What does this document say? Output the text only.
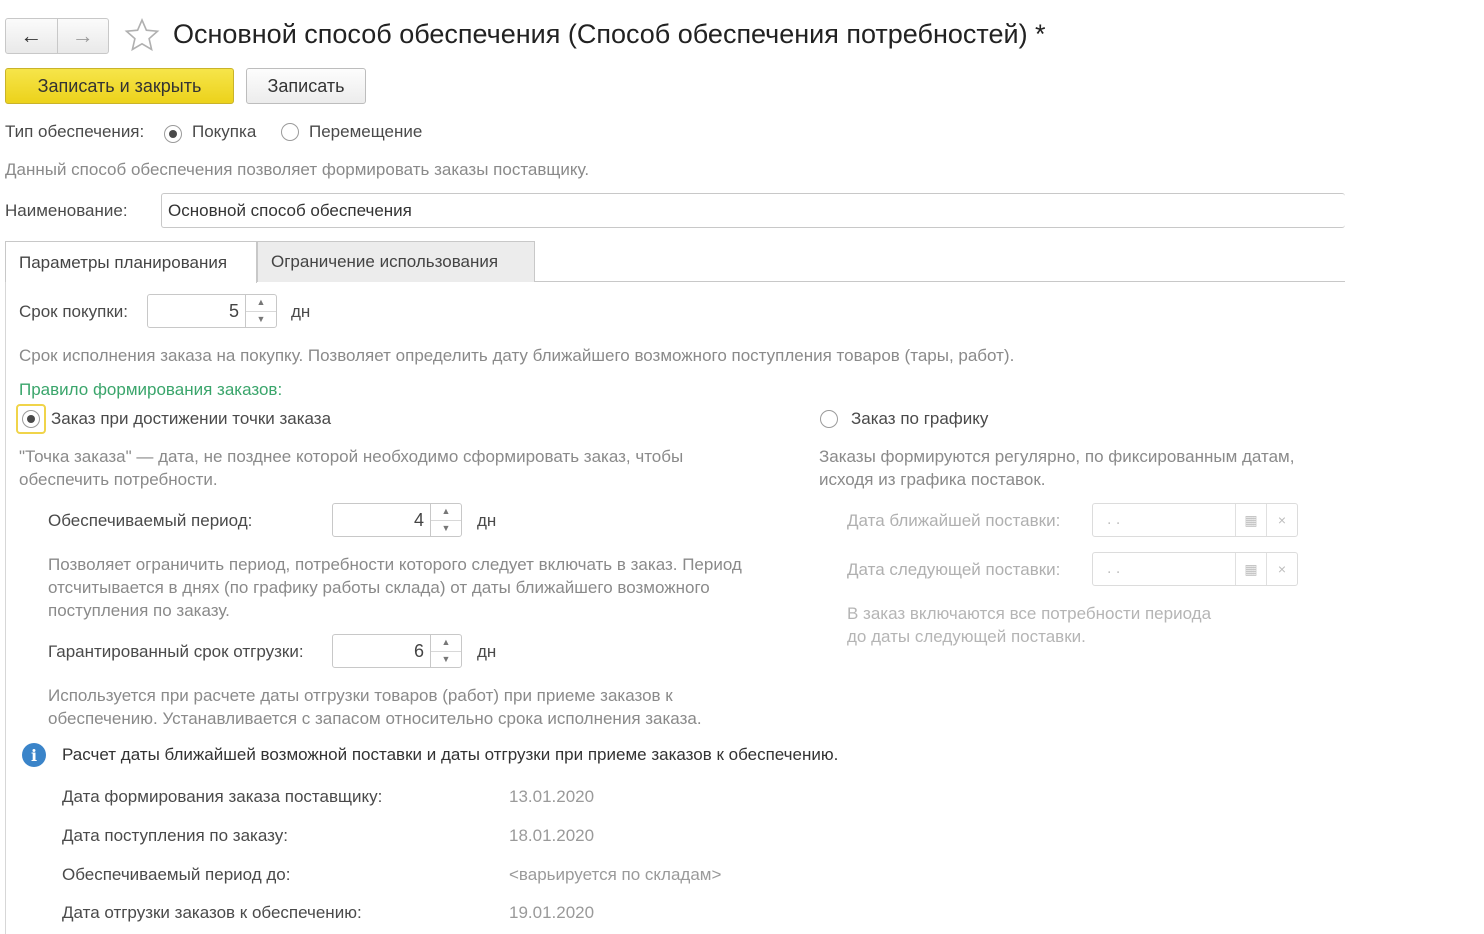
←	→	Основной способ обеспечения (Способ обеспечения потребностей) *
Записать и закрыть	Записать
Тип обеспечения:	Покупка	Перемещение
Данный способ обеспечения позволяет формировать заказы поставщику.
Наименование:	Основной способ обеспечения
Параметры планирования	Ограничение использования
Срок покупки:	5	▲
▼	дн
Срок исполнения заказа на покупку. Позволяет определить дату ближайшего возможного поступления товаров (тары, работ).
Правило формирования заказов:
Заказ при достижении точки заказа	Заказ по графику
"Точка заказа" — дата, не позднее которой необходимо сформировать заказ, чтобы
обеспечить потребности.
Заказы формируются регулярно, по фиксированным датам,
исходя из графика поставок.
Обеспечиваемый период:	4	▲
▼	дн
Позволяет ограничить период, потребности которого следует включать в заказ. Период
отсчитывается в днях (по графику работы склада) от даты ближайшего возможного
поступления по заказу.
Гарантированный срок отгрузки:	6	▲
▼	дн
Используется при расчете даты отгрузки товаров (работ) при приеме заказов к
обеспечению. Устанавливается с запасом относительно срока исполнения заказа.
Дата ближайшей поставки:	. .	▦	×
Дата следующей поставки:	. .	▦	×
В заказ включаются все потребности периода
до даты следующей поставки.
i	Расчет даты ближайшей возможной поставки и даты отгрузки при приеме заказов к обеспечению.
Дата формирования заказа поставщику:	13.01.2020
Дата поступления по заказу:	18.01.2020
Обеспечиваемый период до:	<варьируется по складам>
Дата отгрузки заказов к обеспечению:	19.01.2020
